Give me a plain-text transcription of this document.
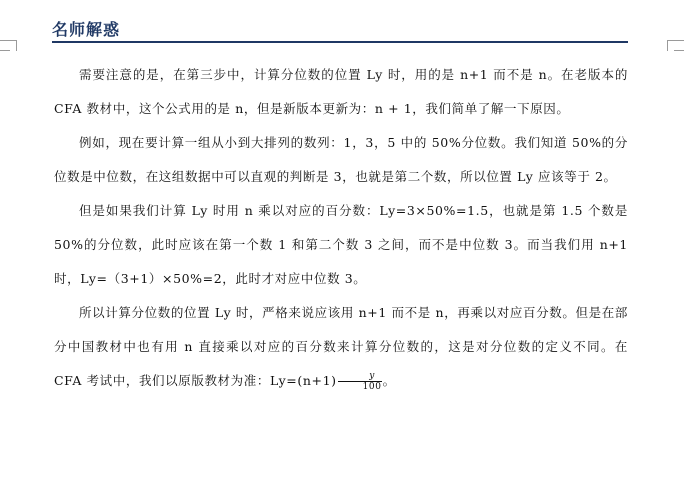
名师解惑

需要注意的是，在第三步中，计算分位数的位置 Ly 时，用的是 n+1 而不是 n。在老版本的 CFA 教材中，这个公式用的是 n，但是新版本更新为：n + 1，我们简单了解一下原因。

例如，现在要计算一组从小到大排列的数列：1，3，5 中的 50%分位数。我们知道 50%的分位数是中位数，在这组数据中可以直观的判断是 3，也就是第二个数，所以位置 Ly 应该等于 2。

但是如果我们计算 Ly 时用 n 乘以对应的百分数：Ly=3×50%=1.5，也就是第 1.5 个数是 50%的分位数，此时应该在第一个数 1 和第二个数 3 之间，而不是中位数 3。而当我们用 n+1 时，Ly=（3+1）×50%=2，此时才对应中位数 3。

所以计算分位数的位置 Ly 时，严格来说应该用 n+1 而不是 n，再乘以对应百分数。但是在部分中国教材中也有用 n 直接乘以对应的百分数来计算分位数的，这是对分位数的定义不同。在 CFA 考试中，我们以原版教材为准：$Ly=(n+1) \frac{y}{100}$ 。
